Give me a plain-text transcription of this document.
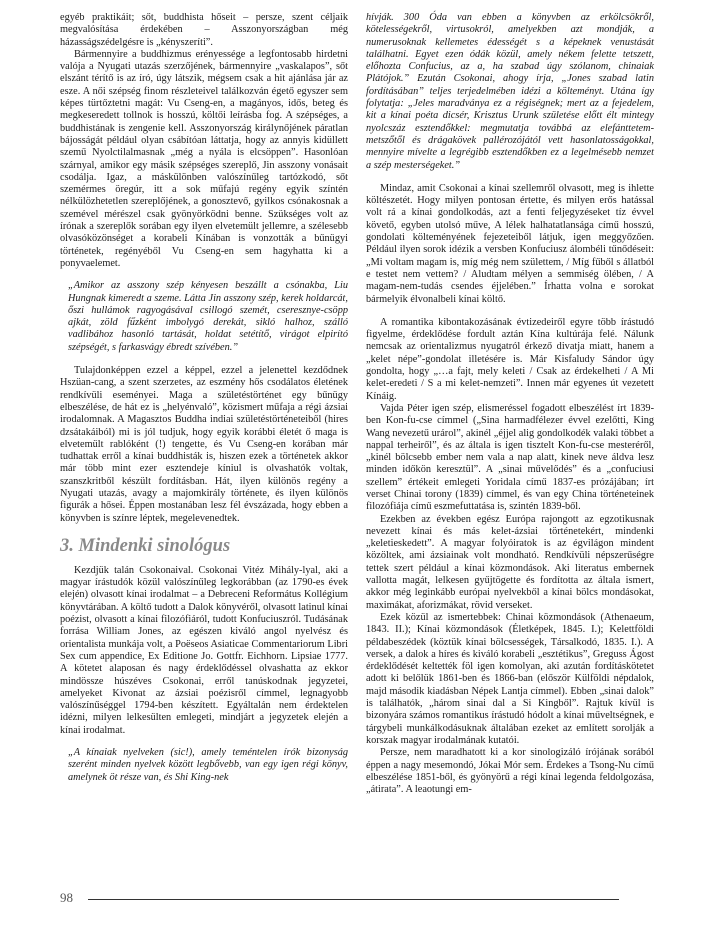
egyéb praktikáit; sőt, buddhista hőseit – persze, szent céljaik megvalósítása érdekében – Asszonyországban még házasságszédelgésre is „kényszeríti”.

Bármennyire a buddhizmus erényessége a legfontosabb hirdetni valója a Nyugati utazás szerzőjének, bármennyire „vaskalapos”, sőt elszánt térítő is az író, úgy látszik, mégsem csak a hit ajánlása jár az esze. A női szépség finom részleteivel találkozván égető egyszer sem képes türtőztetni magát: Vu Cseng-en, a magányos, idős, beteg és megkeseredett tollnok is hosszú, költői leírásba fog. A szépséges, a buddhistának is zengenie kell. Asszonyország királynőjének páratlan bájosságát például olyan csábítóan láttatja, hogy az annyis kidüllett szemű Nyolctilalmasnak „még a nyála is elcsöppen”. Hasonlóan szárnyal, amikor egy másik szépséges szereplő, Jin asszony vonásait csodálja. Igaz, a máskülönben valószínűleg tartózkodó, sőt szemérmes öregúr, itt a sok műfajú regény egyik színtén nélkülözhetetlen szereplőjének, a gonosztevő, gyilkos csónakosnak a szemével mérészel csak gyönyörködni benne. Szükséges volt az írónak a szereplők sorában egy ilyen elvetemült jellemre, a szélesebb olvasóközönséget a korabeli Kínában is vonzották a bűnügyi történetek, regényéből Vu Cseng-en sem hagyhatta ki a ponyvaelemet.

„Amikor az asszony szép kényesen beszállt a csónakba, Liu Hungnak kimeredt a szeme. Látta Jin asszony szép, kerek holdarcát, őszi hullámok ragyogásával csillogó szemét, cseresznye-csöpp ajkát, zöld fűzként imbolygó derekát, sikló halhoz, szálló vadlibához hasonló tartását, holdat setétítő, virágot elpirító szépségét, s farkasvágy ébredt szívében.”

Tulajdonképpen ezzel a képpel, ezzel a jelenettel kezdődnek Hszüan-cang, a szent szerzetes, az eszmény hős csodálatos életének rendkívüli eseményei. Maga a születéstörténet egy bűnügy elbeszélése, de hát ez is „helyénvaló”, közismert műfaja a régi ázsiai irodalomnak. A Magasztos Buddha indiai születéstörténeteiből (hires dzsátakáiból) mi is jól tudjuk, hogy egyik korábbi életét ő maga is elvetemült rablóként (!) tengette, és Vu Cseng-en korában már tudhattak erről a kínai buddhisták is, hiszen ezek a történetek akkor már több mint ezer esztendeje kíniul is olvashatók voltak, szanszkritből készült fordításban. Hát, ilyen különös regény a Nyugati utazás, avagy a majomkirály története, és ilyen különös figurák a hősei. Éppen mostanában lesz fél évszázada, hogy ebben a könyvben is színre léptek, megelevenedtek.

3. Mindenki sinológus

Kezdjük talán Csokonaival. Csokonai Vitéz Mihály-lyal, aki a magyar írástudók közül valószínűleg legkorábban (az 1790-es évek elején) olvasott kínai irodalmat – a Debreceni Református Kollégium könyvtárában. A költő tudott a Dalok könyvéről, olvasott latinul kínai poézist, olvasott a kínai filozófiáról, tudott Konfuciuszról. Tudásának forrása William Jones, az egészen kiváló angol nyelvész és orientalista munkája volt, a Poëseos Asiaticae Commentariorum Libri Sex cum appendice, Ex Editione Jo. Gottfr. Eichhorn. Lipsiae 1777. A kötetet alaposan és nagy érdeklődéssel olvashatta az ekkor mindössze húszéves Csokonai, erről tanúskodnak jegyzetei, amelyeket Kivonat az ázsiai poézisről címmel, legnagyobb valószínűséggel 1794-ben készített. Egyáltalán nem érdektelen idézni, milyen lelkesülten emlegeti, mindjárt a jegyzetek elején a kínai irodalmat.

„A kínaiak nyelveken (sic!), amely teméntelen írók bizonyság szerént minden nyelvek között legbővebb, van egy igen régi könyv, amelynek öt része van, és Shi King-nek

hívják. 300 Óda van ebben a könyvben az erkölcsökről, kötelességekről, virtusokról, amelyekben azt mondják, a numerusoknak kellemetes édességét s a képeknek venustását találhatni. Egyet ezen ódák közül, amely nékem felette tetszett, előhozta Confucius, az a, ha szabad úgy szólanom, chinaiak Plátójok.” Ezután Csokonai, ahogy írja, „Jones szabad latin fordításában” teljes terjedelmében idézi a költeményt. Utána így folytatja: „Jeles maradványa ez a régiségnek; mert az a fejedelem, kit a kínai poéta dicsér, Krisztus Urunk születése előtt élt mintegy nyolcszáz esztendőkkel: megmutatja továbbá az elefánttetem-metszőtől és drágakövek pallérozójától vett hasonlatosságokkal, mennyire mívelte a legrégibb esztendőkben ez a legelmésebb nemzet a szép mesterségeket.”

Mindaz, amit Csokonai a kínai szellemről olvasott, meg is ihlette költészetét. Hogy milyen pontosan értette, és milyen erős hatással volt rá a kínai gondolkodás, azt a fenti feljegyzéseket tíz évvel követő, egyben utolsó műve, A lélek halhatatlansága című hosszú, gondolati költeményének fejezeteiből látjuk, igen meggyőzően. Például ilyen sorok idézik a versben Konfuciusz álombéli tűnődéseit: „Mi voltam magam is, míg még nem születtem, / Míg fűből s állatból e testet nem vettem? / Aludtam mélyen a semmiség ölében, / A magam-nem-tudás csendes éjjelében.” Írhatta volna e sorokat bármelyik élvonalbeli kínai költő.

A romantika kibontakozásának évtizedeiről egyre több írástudó figyelme, érdeklődése fordult aztán Kína kultúrája felé. Nálunk nemcsak az orientalizmus nyugatról érkező divatja miatt, hanem a „kelet népe”-gondolat illetésére is. Már Kisfaludy Sándor úgy gondolta, hogy „…a fajt, mely keleti / Csak az érdekelheti / A Mi kelet-eredeti / S a mi kelet-nemzeti”. Innen már egyenes út vezetett Kínáig.

Vajda Péter igen szép, elismeréssel fogadott elbeszélést írt 1839-ben Kon-fu-cse címmel („Sina harmadfélezer évvel ezelőtti, King Wang nevezetű urárol”, akinél „éjjel alig gondolkodék valaki többet a nappal terheiről”, és az általa is igen tisztelt Kon-fu-cse mesteréről, „kinél bölcsebb ember nem vala a nap alatt, kinek neve áldva lesz minden időkön keresztül”. A „sinai művelődés” és a „confuciusi szellem” értékeit emlegeti Yoridala című 1837-es prózájában; írt verset Chinai torony (1839) címmel, és van egy China történeteinek filozófiája című eszmefuttatása is, szintén 1839-ből.

Ezekben az években egész Európa rajongott az egzotikusnak nevezett kínai és más kelet-ázsiai történetekért, mindenki „keletieskedett”. A magyar folyóiratok is az égvilágon mindent közöltek, ami ázsiainak volt mondható. Rendkívüli népszerűségre tettek szert például a kínai közmondások. Aki literatus embernek vallotta magát, lelkesen gyűjtögette és fordította az általa ismert, akkor még leginkább európai nyelvekből a kínai bölcs mondásokat, maximákat, aforizmákat, rövid verseket.

Ezek közül az ismertebbek: Chinai közmondások (Athenaeum, 1843. II.); Kínai közmondások (Életképek, 1845. I.); Kelettföldi példabeszédek (köztük kínai bölcsességek, Társalkodó, 1835. I.). A versek, a dalok a híres és kiváló korabeli „esztétikus”, Greguss Ágost érdeklődését keltették föl igen komolyan, aki azután fordításkötetet adott ki belőlük 1861-ben és 1866-ban (először Külföldi népdalok, majd második kiadásban Népek Lantja címmel). Ebben „sinai dalok” is találhatók, „három sinai dal a Si Kingből”. Rajtuk kívül is bizonyára számos romantikus írástudó hódolt a kínai műveltségnek, e tárgybeli munkálkodásuknak általában ezeket az említett sorolják a korszak magyar irodalmának kutatói.

Persze, nem maradhatott ki a kor sinologizáló írójának sorából éppen a nagy mesemondó, Jókai Mór sem. Érdekes a Tsong-Nu című elbeszélése 1851-ből, és gyönyörű a régi kínai legenda feldolgozása, „átirata”. A leaotungi em-

98
